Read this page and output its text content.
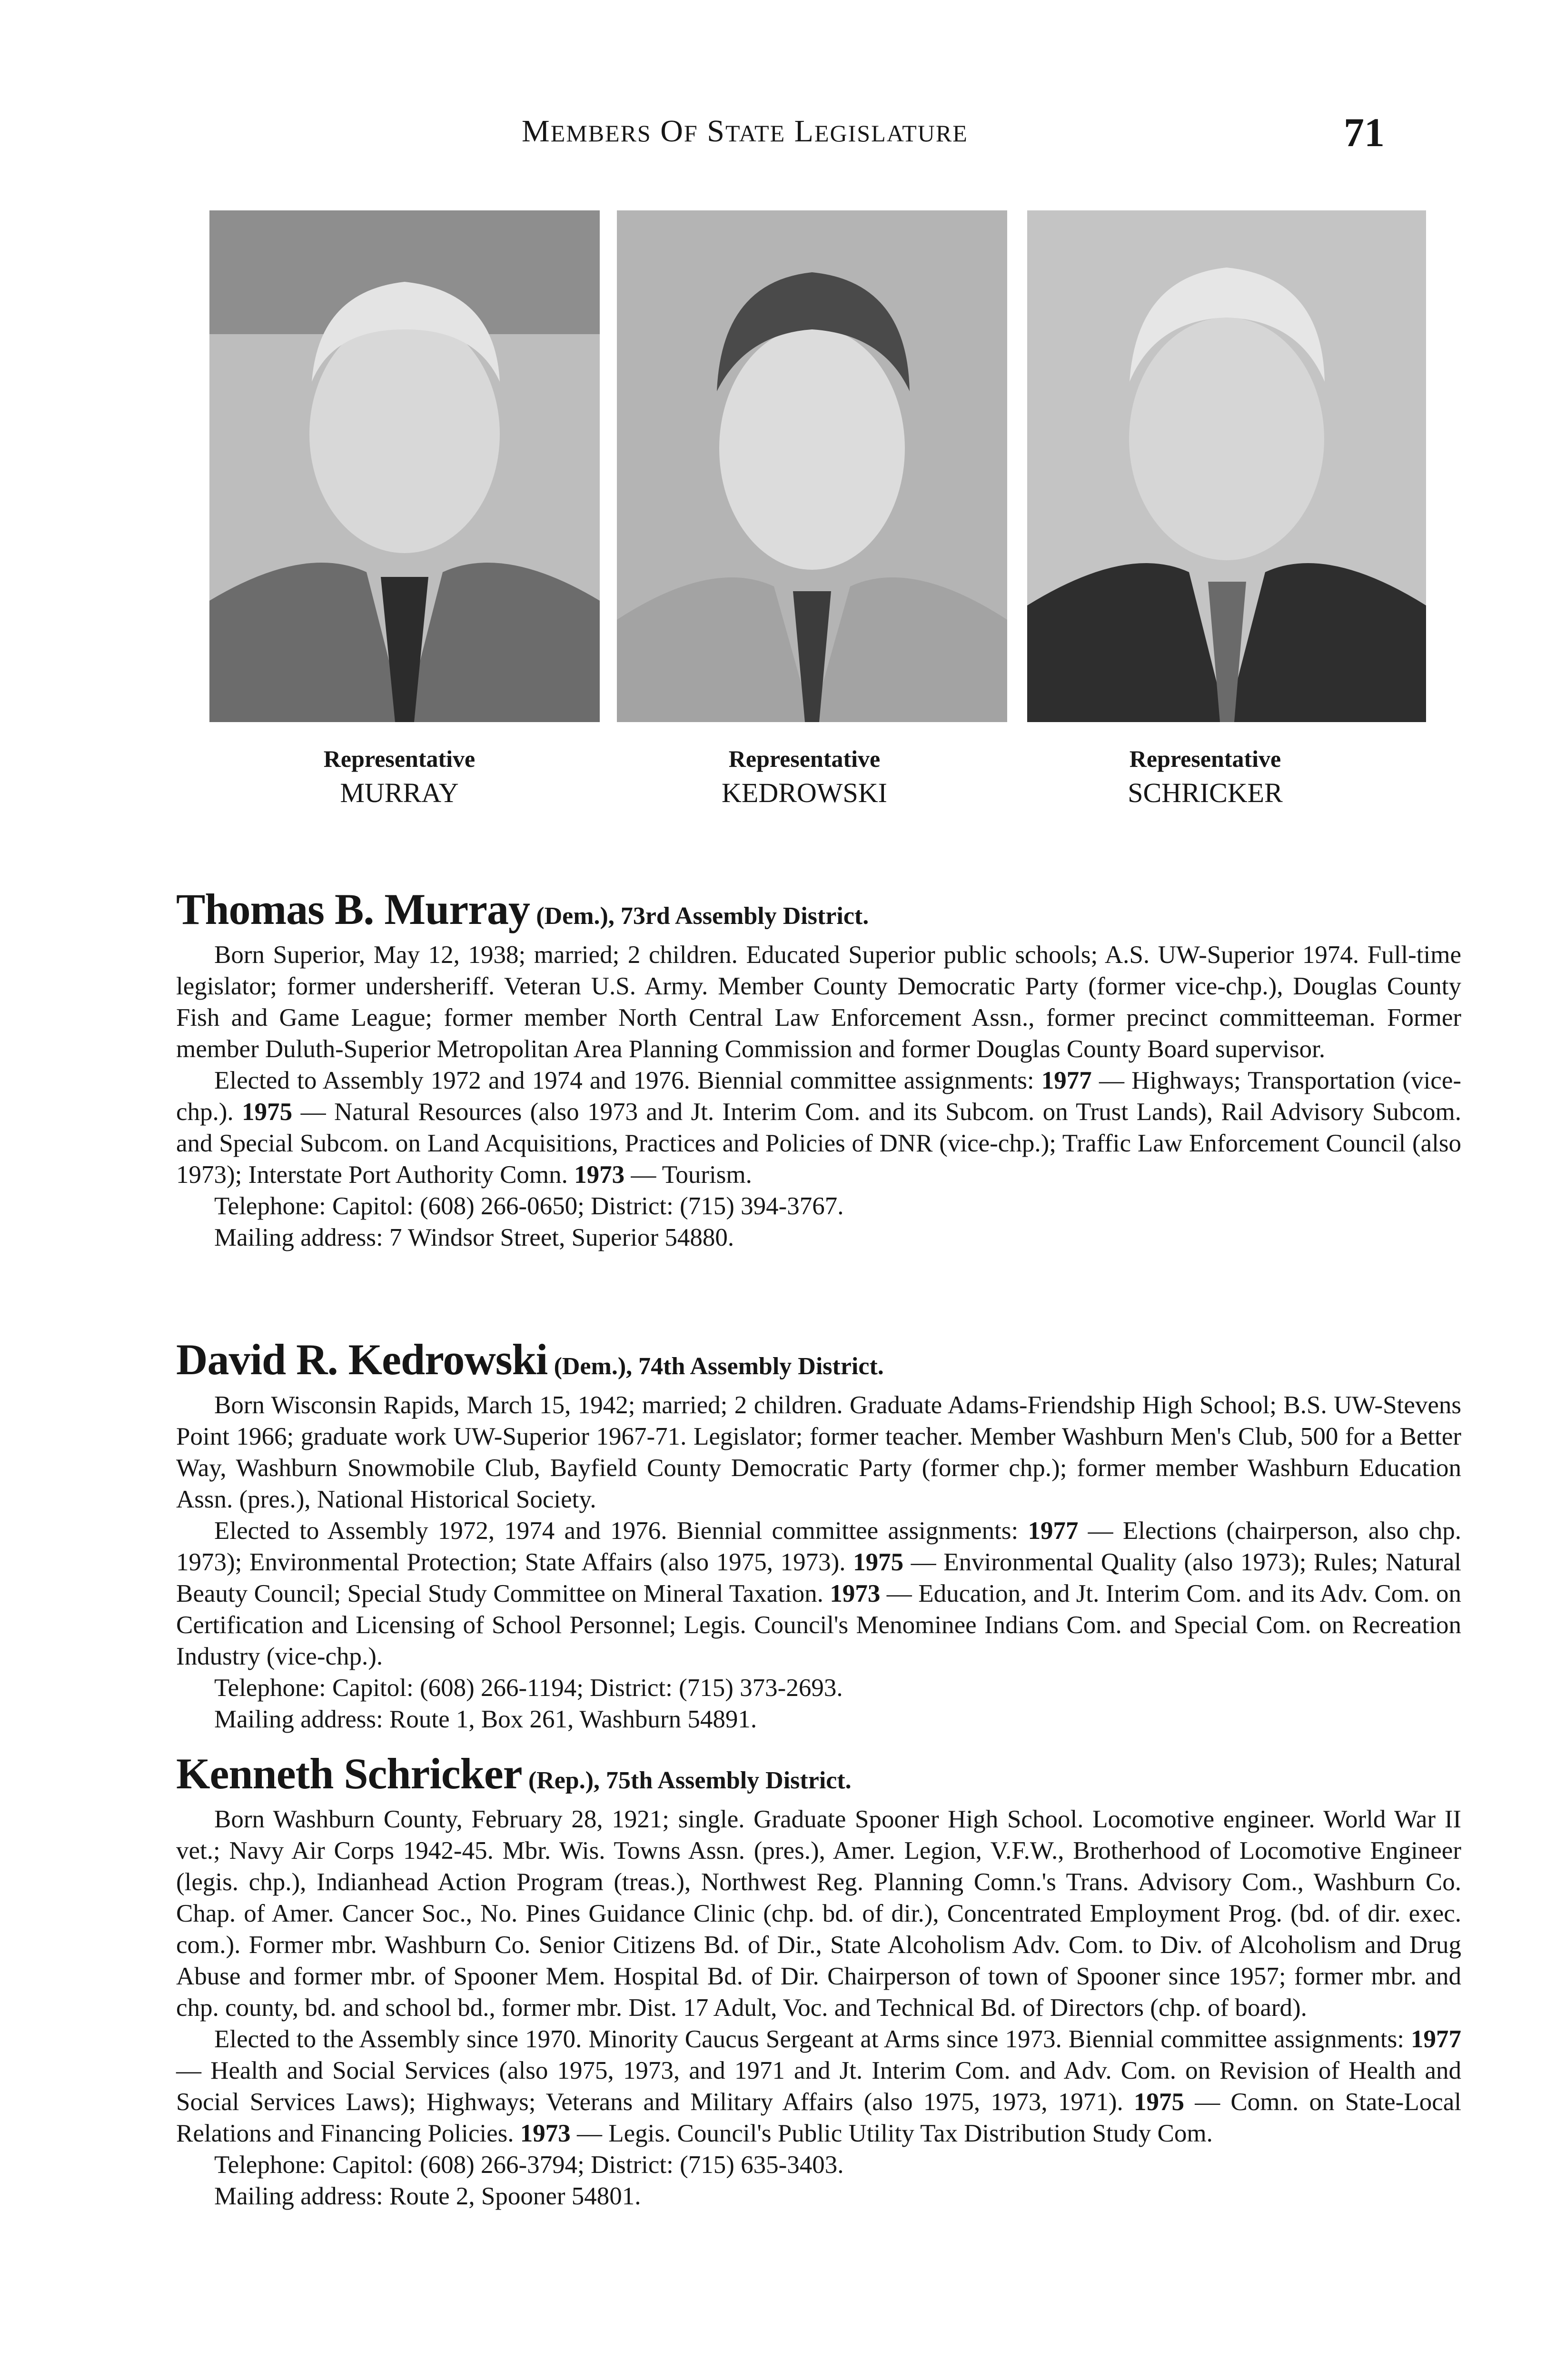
MEMBERS OF STATE LEGISLATURE	71
Representative
MURRAY
Representative
KEDROWSKI
Representative
SCHRICKER
Thomas B. Murray (Dem.), 73rd Assembly District.

Born Superior, May 12, 1938; married; 2 children. Educated Superior public schools; A.S. UW-Superior 1974. Full-time legislator; former undersheriff. Veteran U.S. Army. Member County Democratic Party (former vice-chp.), Douglas County Fish and Game League; former member North Central Law Enforcement Assn., former precinct committeeman. Former member Duluth-Superior Metropolitan Area Planning Commission and former Douglas County Board supervisor.

Elected to Assembly 1972 and 1974 and 1976. Biennial committee assignments: 1977 — Highways; Transportation (vice-chp.). 1975 — Natural Resources (also 1973 and Jt. Interim Com. and its Subcom. on Trust Lands), Rail Advisory Subcom. and Special Subcom. on Land Acquisitions, Practices and Policies of DNR (vice-chp.); Traffic Law Enforcement Council (also 1973); Interstate Port Authority Comn. 1973 — Tourism.

Telephone: Capitol: (608) 266-0650; District: (715) 394-3767.

Mailing address: 7 Windsor Street, Superior 54880.

David R. Kedrowski (Dem.), 74th Assembly District.

Born Wisconsin Rapids, March 15, 1942; married; 2 children. Graduate Adams-Friendship High School; B.S. UW-Stevens Point 1966; graduate work UW-Superior 1967-71. Legislator; former teacher. Member Washburn Men's Club, 500 for a Better Way, Washburn Snowmobile Club, Bayfield County Democratic Party (former chp.); former member Washburn Education Assn. (pres.), National Historical Society.

Elected to Assembly 1972, 1974 and 1976. Biennial committee assignments: 1977 — Elections (chairperson, also chp. 1973); Environmental Protection; State Affairs (also 1975, 1973). 1975 — Environmental Quality (also 1973); Rules; Natural Beauty Council; Special Study Committee on Mineral Taxation. 1973 — Education, and Jt. Interim Com. and its Adv. Com. on Certification and Licensing of School Personnel; Legis. Council's Menominee Indians Com. and Special Com. on Recreation Industry (vice-chp.).

Telephone: Capitol: (608) 266-1194; District: (715) 373-2693.

Mailing address: Route 1, Box 261, Washburn 54891.

Kenneth Schricker (Rep.), 75th Assembly District.

Born Washburn County, February 28, 1921; single. Graduate Spooner High School. Locomotive engineer. World War II vet.; Navy Air Corps 1942-45. Mbr. Wis. Towns Assn. (pres.), Amer. Legion, V.F.W., Brotherhood of Locomotive Engineer (legis. chp.), Indianhead Action Program (treas.), Northwest Reg. Planning Comn.'s Trans. Advisory Com., Washburn Co. Chap. of Amer. Cancer Soc., No. Pines Guidance Clinic (chp. bd. of dir.), Concentrated Employment Prog. (bd. of dir. exec. com.). Former mbr. Washburn Co. Senior Citizens Bd. of Dir., State Alcoholism Adv. Com. to Div. of Alcoholism and Drug Abuse and former mbr. of Spooner Mem. Hospital Bd. of Dir. Chairperson of town of Spooner since 1957; former mbr. and chp. county, bd. and school bd., former mbr. Dist. 17 Adult, Voc. and Technical Bd. of Directors (chp. of board).

Elected to the Assembly since 1970. Minority Caucus Sergeant at Arms since 1973. Biennial committee assignments: 1977 — Health and Social Services (also 1975, 1973, and 1971 and Jt. Interim Com. and Adv. Com. on Revision of Health and Social Services Laws); Highways; Veterans and Military Affairs (also 1975, 1973, 1971). 1975 — Comn. on State-Local Relations and Financing Policies. 1973 — Legis. Council's Public Utility Tax Distribution Study Com.

Telephone: Capitol: (608) 266-3794; District: (715) 635-3403.

Mailing address: Route 2, Spooner 54801.
